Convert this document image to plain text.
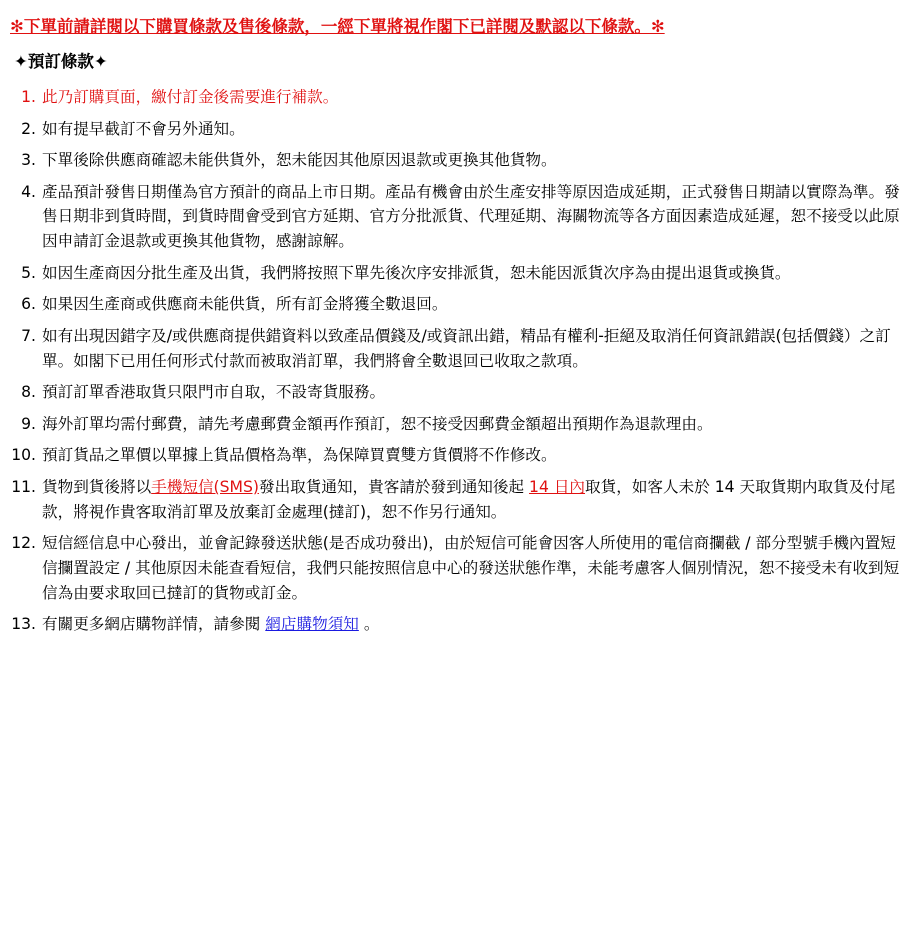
✻下單前請詳閱以下購買條款及售後條款，一經下單將視作閣下已詳閱及默認以下條款。✻
✦預訂條款✦
此乃訂購頁面，繳付訂金後需要進行補款。
如有提早截訂不會另外通知。
下單後除供應商確認未能供貨外，恕未能因其他原因退款或更換其他貨物。
產品預計發售日期僅為官方預計的商品上市日期。產品有機會由於生產安排等原因造成延期，正式發售日期請以實際為準。發售日期非到貨時間，到貨時間會受到官方延期、官方分批派貨、代理延期、海關物流等各方面因素造成延遲，恕不接受以此原因申請訂金退款或更換其他貨物，感謝諒解。
如因生產商因分批生產及出貨，我們將按照下單先後次序安排派貨，恕未能因派貨次序為由提出退貨或換貨。
如果因生產商或供應商未能供貨，所有訂金將獲全數退回。
如有出現因錯字及/或供應商提供錯資料以致產品價錢及/或資訊出錯，精品有權利-拒絕及取消任何資訊錯誤(包括價錢）之訂單。如閣下已用任何形式付款而被取消訂單，我們將會全數退回已收取之款項。
預訂訂單香港取貨只限門市自取，不設寄貨服務。
海外訂單均需付郵費，請先考慮郵費金額再作預訂，恕不接受因郵費金額超出預期作為退款理由。
預訂貨品之單價以單據上貨品價格為準，為保障買賣雙方貨價將不作修改。
貨物到貨後將以手機短信(SMS)發出取貨通知，貴客請於發到通知後起 14 日內取貨，如客人未於 14 天取貨期内取貨及付尾款，將視作貴客取消訂單及放棄訂金處理(撻訂)，恕不作另行通知。
短信經信息中心發出，並會記錄發送狀態(是否成功發出)，由於短信可能會因客人所使用的電信商攔截 / 部分型號手機內置短信攔置設定 / 其他原因未能查看短信，我們只能按照信息中心的發送狀態作準，未能考慮客人個別情況，恕不接受未有收到短信為由要求取回已撻訂的貨物或訂金。
有關更多網店購物詳情，請參閱 網店購物須知 。
